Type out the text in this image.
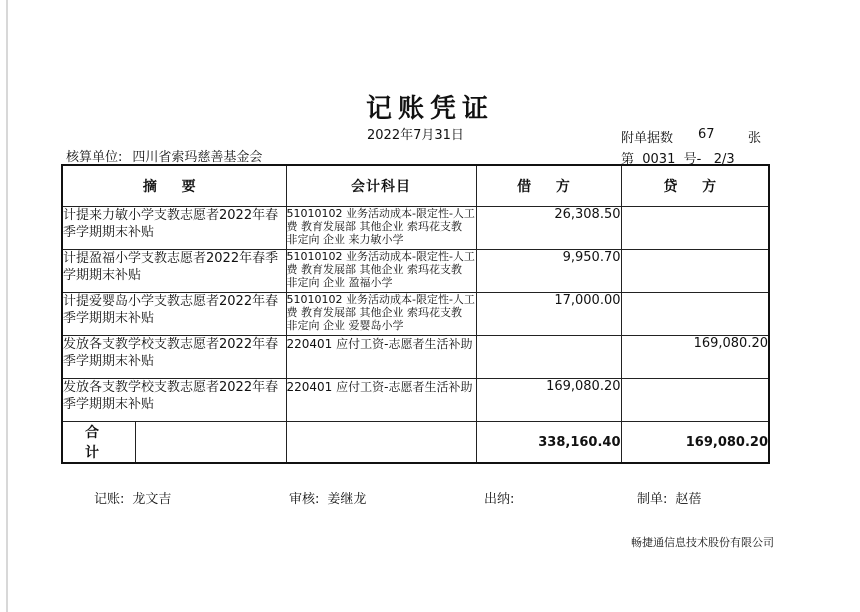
记账凭证
2022年7月31日	附单据数 67	张
核算单位: 四川省索玛慈善基金会	第  0031  号-   2/3
摘 要	会计科目	借 方	贷 方
计提来力敏小学支教志愿者2022年春季学期期末补贴	51010102 业务活动成本-限定性-人工费 教育发展部 其他企业 索玛花支教 非定向 企业 来力敏小学	26,308.50	
计提盈福小学支教志愿者2022年春季学期期末补贴	51010102 业务活动成本-限定性-人工费 教育发展部 其他企业 索玛花支教 非定向 企业 盈福小学	9,950.70	
计提爱婴岛小学支教志愿者2022年春季学期期末补贴	51010102 业务活动成本-限定性-人工费 教育发展部 其他企业 索玛花支教 非定向 企业 爱婴岛小学	17,000.00	
发放各支教学校支教志愿者2022年春季学期期末补贴	220401 应付工资-志愿者生活补助		169,080.20
发放各支教学校支教志愿者2022年春季学期期末补贴	220401 应付工资-志愿者生活补助	169,080.20	

合 计		338,160.40	169,080.20
记账: 龙文吉	审核: 姜继龙	出纳:	制单: 赵蓓
畅捷通信息技术股份有限公司
